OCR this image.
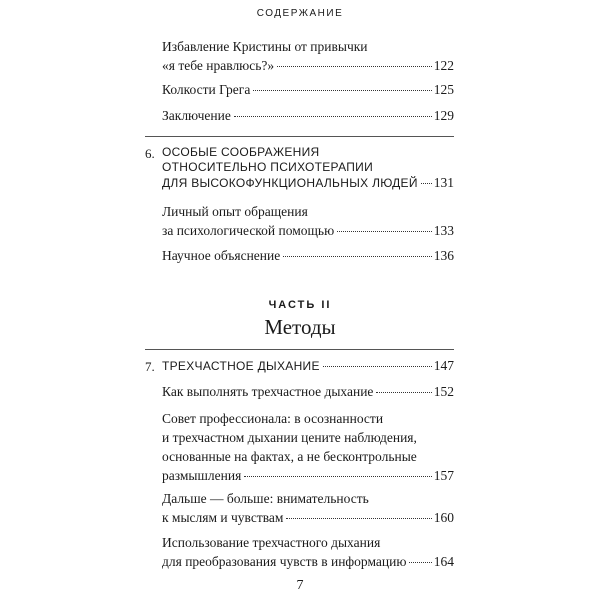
СОДЕРЖАНИЕ
Избавление Кристины от привычки
«я тебе нравлюсь?»	122
Колкости Грега	125
Заключение	129
6. ОСОБЫЕ СООБРАЖЕНИЯ
ОТНОСИТЕЛЬНО ПСИХОТЕРАПИИ
ДЛЯ ВЫСОКОФУНКЦИОНАЛЬНЫХ ЛЮДЕЙ 131
Личный опыт обращения
за психологической помощью	133
Научное объяснение	136
ЧАСТЬ II
Методы
7. ТРЕХЧАСТНОЕ ДЫХАНИЕ	147
Как выполнять трехчастное дыхание	152
Совет профессионала: в осознанности
и трехчастном дыхании цените наблюдения,
основанные на фактах, а не бесконтрольные
размышления	157
Дальше — больше: внимательность
к мыслям и чувствам	160
Использование трехчастного дыхания
для преобразования чувств в информацию 164
7
